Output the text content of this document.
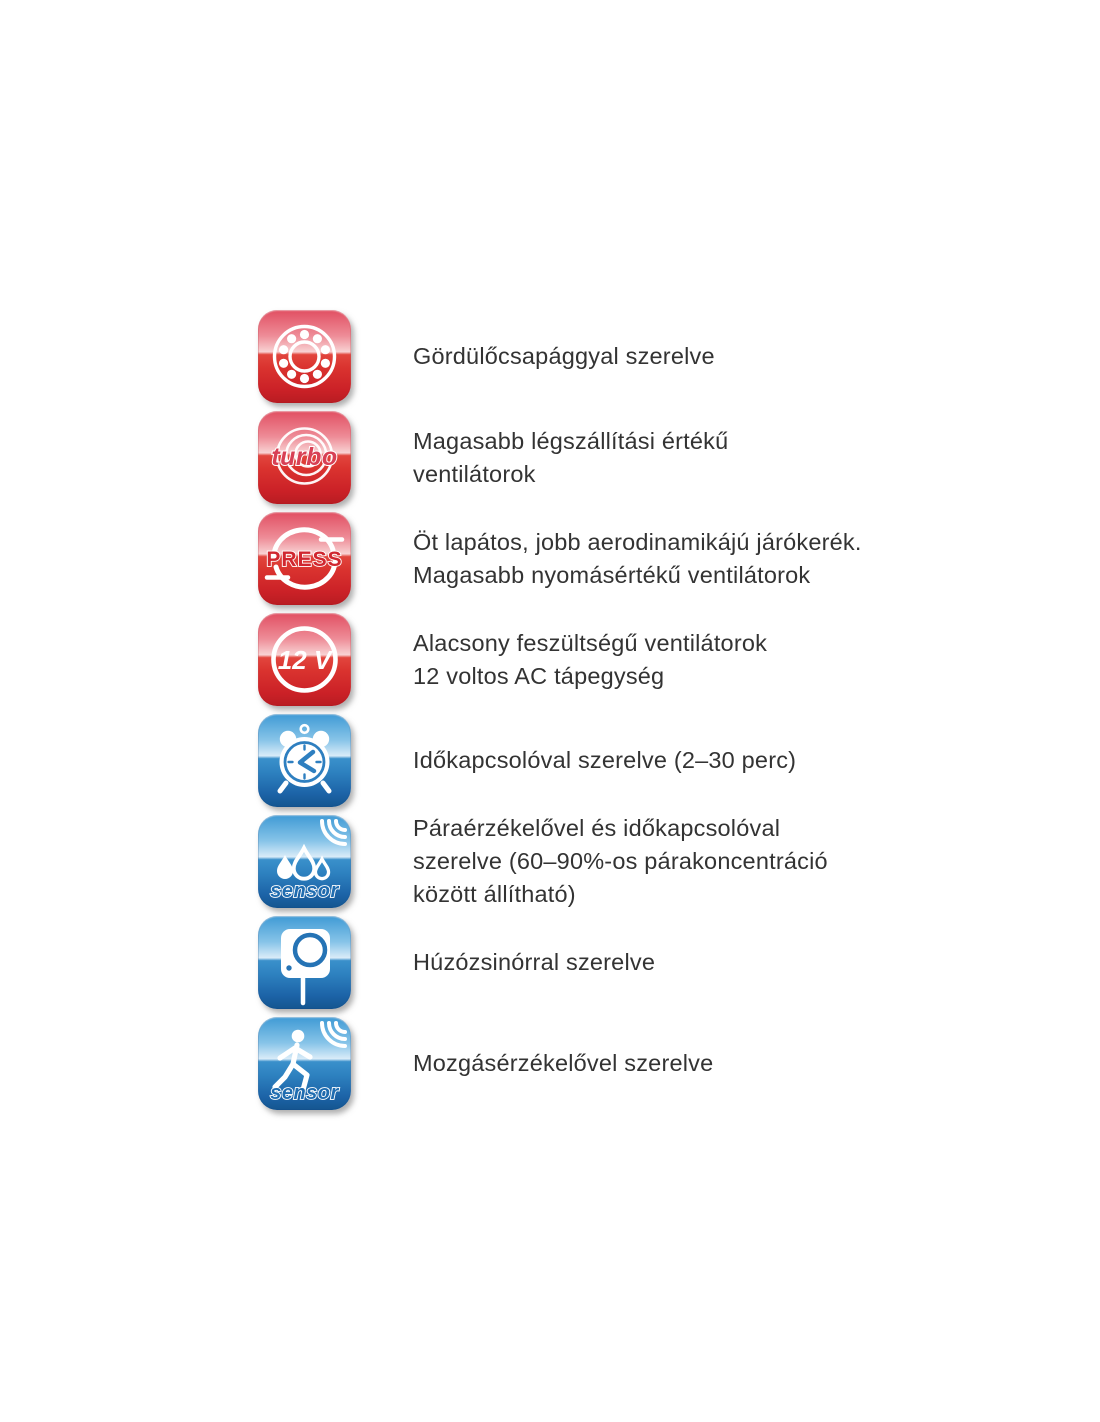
Gördülőcsapággyal szerelve
turbo
Magasabb légszállítási értékű
ventilátorok
PRESS
Öt lapátos, jobb aerodinamikájú járókerék.
Magasabb nyomásértékű ventilátorok
12 V
Alacsony feszültségű ventilátorok
12 voltos AC tápegység
Időkapcsolóval szerelve (2–30 perc)
sensor
Páraérzékelővel és időkapcsolóval
szerelve (60–90%-os párakoncentráció
között állítható)
Húzózsinórral szerelve
sensor
Mozgásérzékelővel szerelve
